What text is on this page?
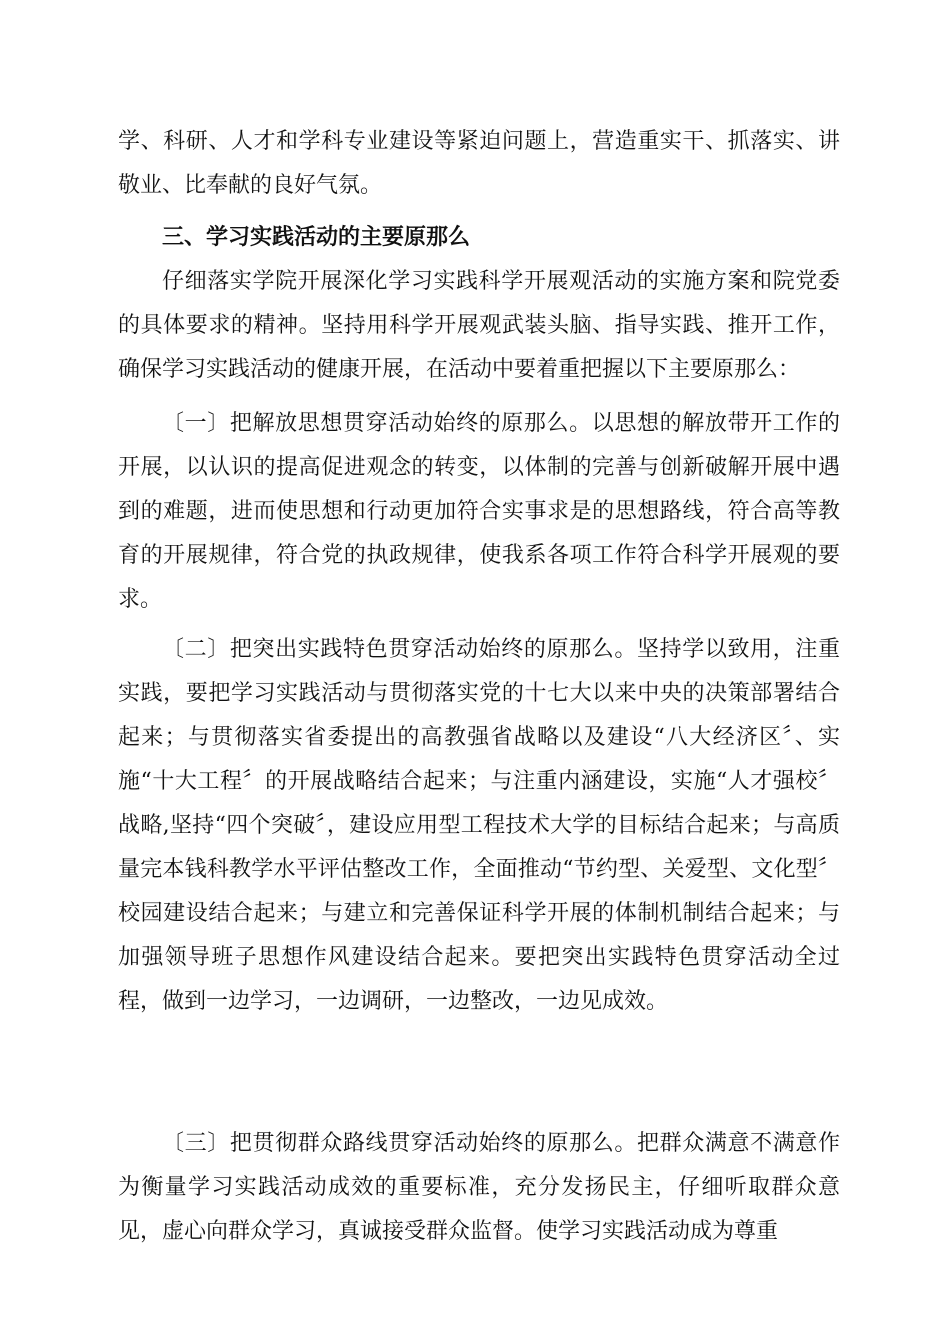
学、科研、人才和学科专业建设等紧迫问题上，营造重实干、抓落实、讲敬业、比奉献的良好气氛。

三、学习实践活动的主要原那么

仔细落实学院开展深化学习实践科学开展观活动的实施方案和院党委的具体要求的精神。坚持用科学开展观武装头脑、指导实践、推开工作，确保学习实践活动的健康开展，在活动中要着重把握以下主要原那么：

〔一〕把解放思想贯穿活动始终的原那么。以思想的解放带开工作的开展，以认识的提高促进观念的转变，以体制的完善与创新破解开展中遇到的难题，进而使思想和行动更加符合实事求是的思想路线，符合高等教育的开展规律，符合党的执政规律，使我系各项工作符合科学开展观的要求。

〔二〕把突出实践特色贯穿活动始终的原那么。坚持学以致用，注重实践，要把学习实践活动与贯彻落实党的十七大以来中央的决策部署结合起来；与贯彻落实省委提出的高教强省战略以及建设“八大经济区〞、实施“十大工程〞的开展战略结合起来；与注重内涵建设，实施“人才强校〞 战略,坚持“四个突破〞，建设应用型工程技术大学的目标结合起来；与高质量完本钱科教学水平评估整改工作，全面推动“节约型、关爱型、文化型〞校园建设结合起来；与建立和完善保证科学开展的体制机制结合起来；与加强领导班子思想作风建设结合起来。要把突出实践特色贯穿活动全过程，做到一边学习，一边调研，一边整改，一边见成效。

〔三〕把贯彻群众路线贯穿活动始终的原那么。把群众满意不满意作为衡量学习实践活动成效的重要标准，充分发扬民主，仔细听取群众意见，虚心向群众学习，真诚接受群众监督。使学习实践活动成为尊重
